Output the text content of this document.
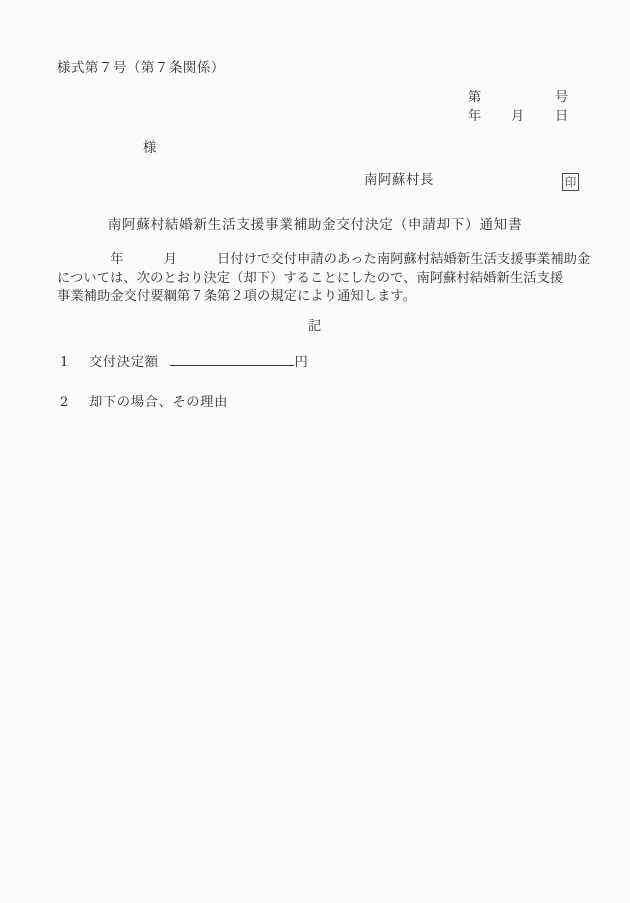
様式第７号（第７条関係）

第

	号

年

月

日

様
南阿蘇村長	印
南阿蘇村結婚新生活支援事業補助金交付決定（申請却下）通知書
　　　　年　　　月　　　日付けで交付申請のあった南阿蘇村結婚新生活支援事業補助金
については、次のとおり決定（却下）することにしたので、南阿蘇村結婚新生活支援
事業補助金交付要綱第７条第２項の規定により通知します。
記
1 交付決定額	円
2 却下の場合、その理由
